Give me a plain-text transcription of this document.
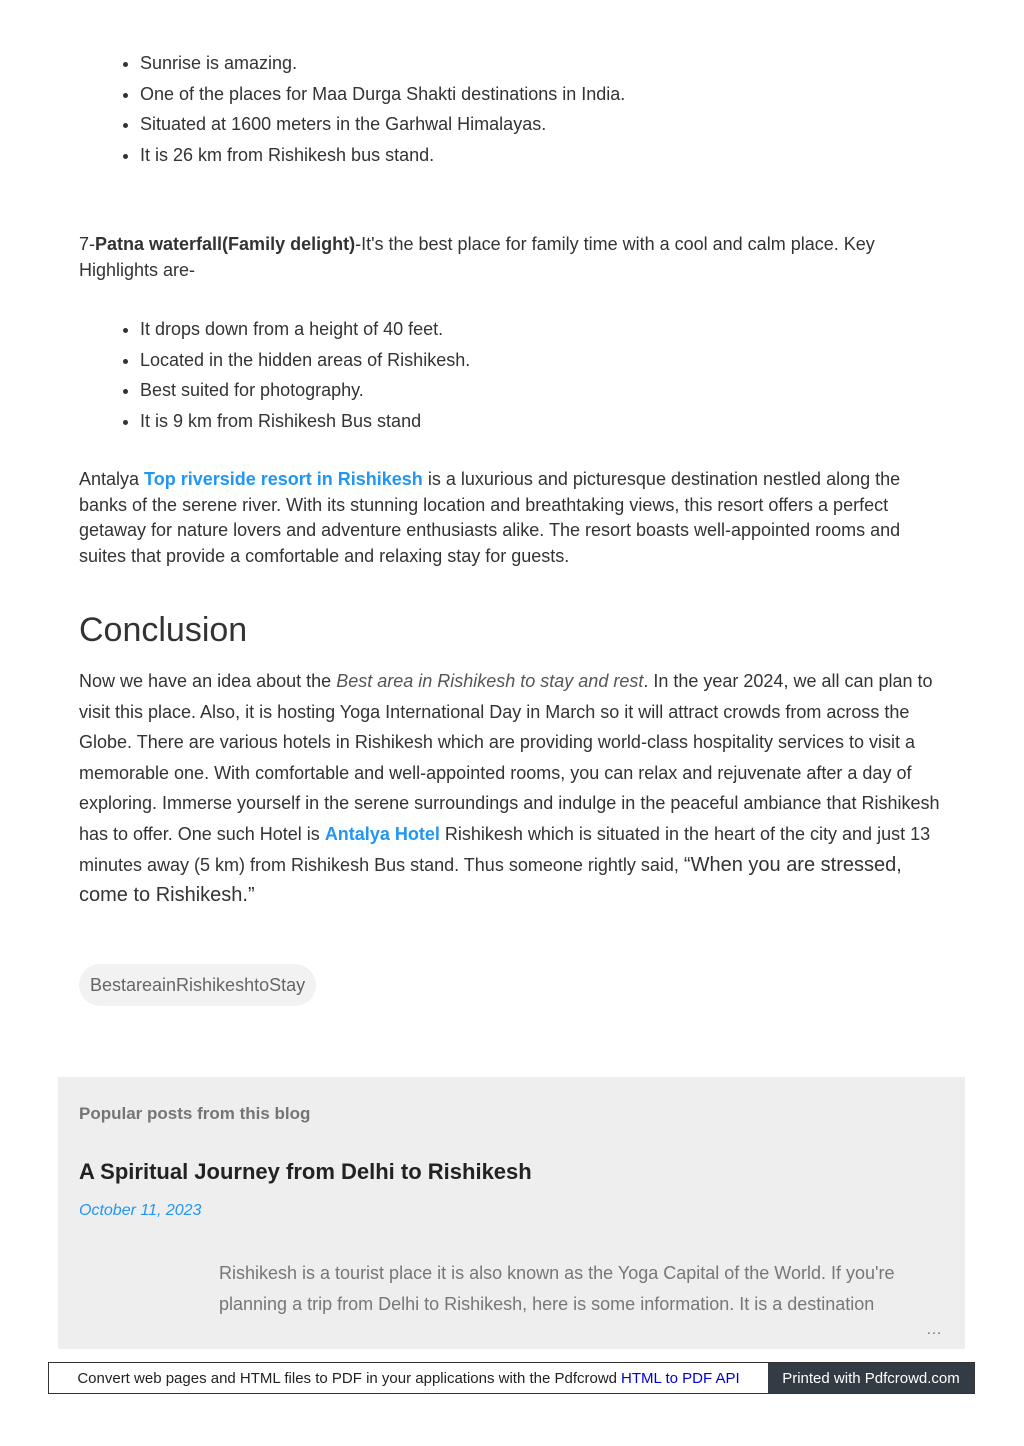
• Sunrise is amazing.
• One of the places for Maa Durga Shakti destinations in India.
• Situated at 1600 meters in the Garhwal Himalayas.
• It is 26 km from Rishikesh bus stand.

7-Patna waterfall(Family delight)-It's the best place for family time with a cool and calm place. Key Highlights are-

• It drops down from a height of 40 feet.
• Located in the hidden areas of Rishikesh.
• Best suited for photography.
• It is 9 km from Rishikesh Bus stand

Antalya Top riverside resort in Rishikesh is a luxurious and picturesque destination nestled along the banks of the serene river. With its stunning location and breathtaking views, this resort offers a perfect getaway for nature lovers and adventure enthusiasts alike. The resort boasts well-appointed rooms and suites that provide a comfortable and relaxing stay for guests.

Conclusion

Now we have an idea about the Best area in Rishikesh to stay and rest. In the year 2024, we all can plan to visit this place. Also, it is hosting Yoga International Day in March so it will attract crowds from across the Globe. There are various hotels in Rishikesh which are providing world-class hospitality services to visit a memorable one. With comfortable and well-appointed rooms, you can relax and rejuvenate after a day of exploring. Immerse yourself in the serene surroundings and indulge in the peaceful ambiance that Rishikesh has to offer. One such Hotel is Antalya Hotel Rishikesh which is situated in the heart of the city and just 13 minutes away (5 km) from Rishikesh Bus stand. Thus someone rightly said, “When you are stressed, come to Rishikesh.”

BestareainRishikeshtoStay
Popular posts from this blog
A Spiritual Journey from Delhi to Rishikesh
October 11, 2023
Rishikesh is a tourist place it is also known as the Yoga Capital of the World. If you're planning a trip from Delhi to Rishikesh, here is some information. It is a destination
…
Convert web pages and HTML files to PDF in your applications with the Pdfcrowd HTML to PDF API	Printed with Pdfcrowd.com
